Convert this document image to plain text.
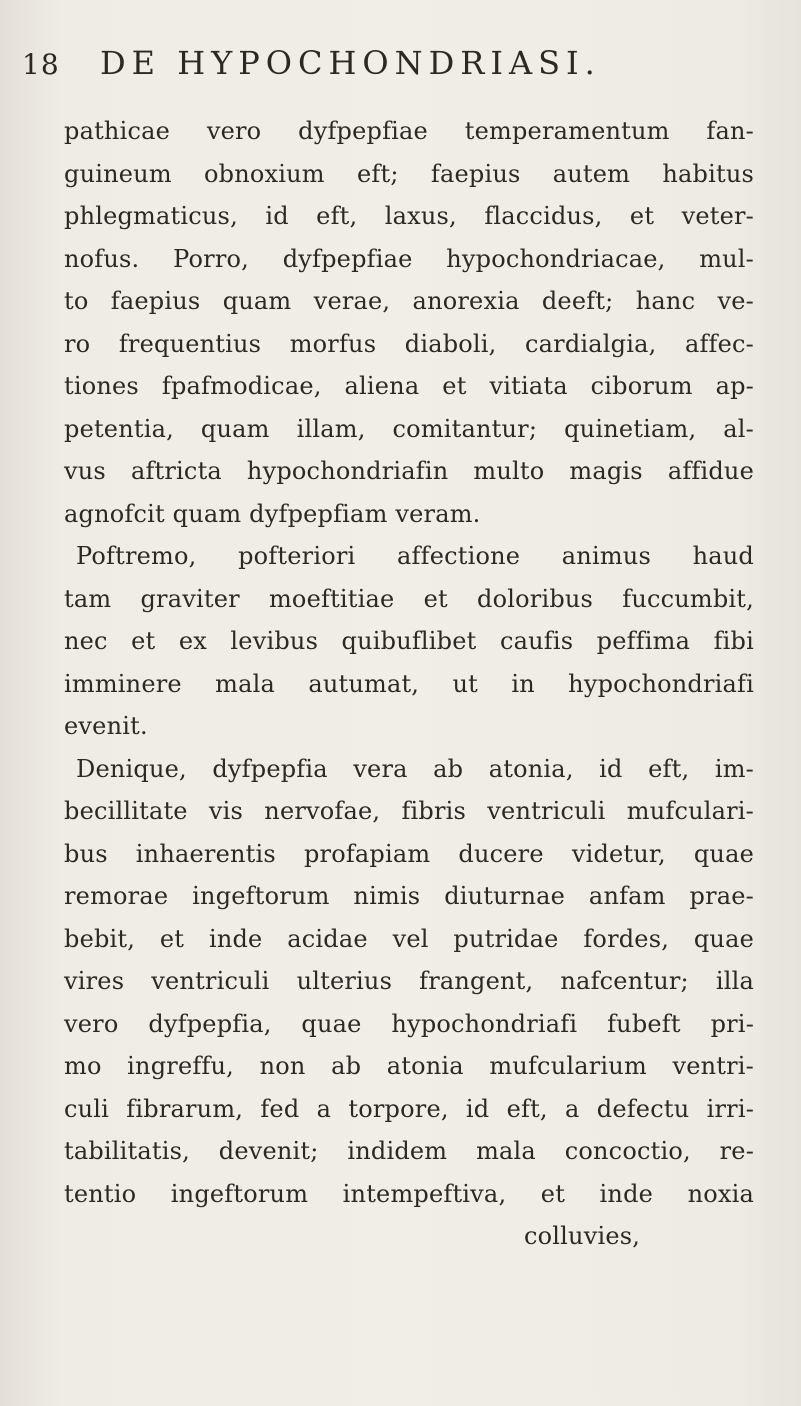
18 DE HYPOCHONDRIASI.
pathicae vero dyfpepfiae temperamentum fan-
guineum obnoxium eft; faepius autem habitus
phlegmaticus, id eft, laxus, flaccidus, et veter-
nofus. Porro, dyfpepfiae hypochondriacae, mul-
to faepius quam verae, anorexia deeft; hanc ve-
ro frequentius morfus diaboli, cardialgia, affec-
tiones fpafmodicae, aliena et vitiata ciborum ap-
petentia, quam illam, comitantur; quinetiam, al-
vus aftricta hypochondriafin multo magis affidue
agnofcit quam dyfpepfiam veram.
Poftremo, pofteriori affectione animus haud
tam graviter moeftitiae et doloribus fuccumbit,
nec et ex levibus quibuflibet caufis peffima fibi
imminere mala autumat, ut in hypochondriafi
evenit.
Denique, dyfpepfia vera ab atonia, id eft, im-
becillitate vis nervofae, fibris ventriculi mufculari-
bus inhaerentis profapiam ducere videtur, quae
remorae ingeftorum nimis diuturnae anfam prae-
bebit, et inde acidae vel putridae fordes, quae
vires ventriculi ulterius frangent, nafcentur; illa
vero dyfpepfia, quae hypochondriafi fubeft pri-
mo ingreffu, non ab atonia mufcularium ventri-
culi fibrarum, fed a torpore, id eft, a defectu irri-
tabilitatis, devenit; indidem mala concoctio, re-
tentio ingeftorum intempeftiva, et inde noxia
colluvies,
